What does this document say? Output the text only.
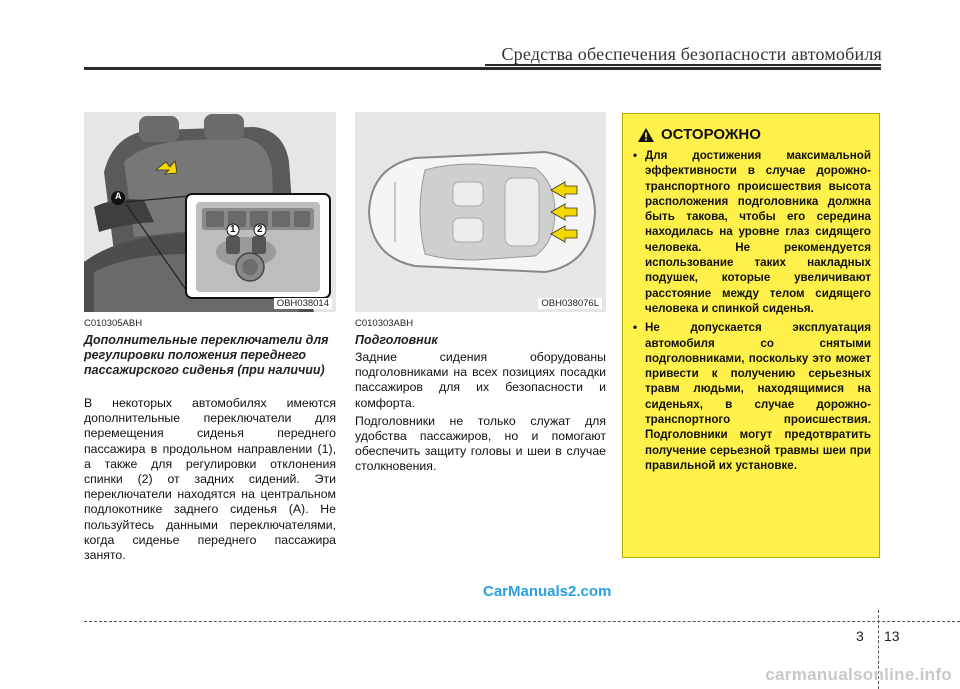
Средства обеспечения безопасности автомобиля
A
1 2
OBH038014	OBH038076L
C010305ABH
Дополнительные переключатели для регулировки положения переднего пассажирского сиденья (при наличии)

В некоторых автомобилях имеются дополнительные переключатели для перемещения сиденья переднего пассажира в продольном направлении (1), а также для регулировки отклонения спинки (2) от задних сидений. Эти переключатели находятся на центральном подлокотнике заднего сиденья (A). Не пользуйтесь данными переключателями, когда сиденье переднего пассажира занято.

C010303ABH
Подголовник

Задние сидения оборудованы подголовниками на всех позициях посадки пассажиров для их безопасности и комфорта.

Подголовники не только служат для удобства пассажиров, но и помогают обеспечить защиту головы и шеи в случае столкновения.

ОСТОРОЖНО
• Для достижения максимальной эффективности в случае дорожно-транспортного происшествия высота расположения подголовника должна быть такова, чтобы его середина находилась на уровне глаз сидящего человека. Не рекомендуется использование таких накладных подушек, которые увеличивают расстояние между телом сидящего человека и спинкой сиденья.
• Не допускается эксплуатация автомобиля со снятыми подголовниками, поскольку это может привести к получению серьезных травм людьми, находящимися на сиденьях, в случае дорожно-транспортного происшествия. Подголовники могут предотвратить получение серьезной травмы шеи при правильной их установке.
CarManuals2.com
3 13
carmanualsonline.info
